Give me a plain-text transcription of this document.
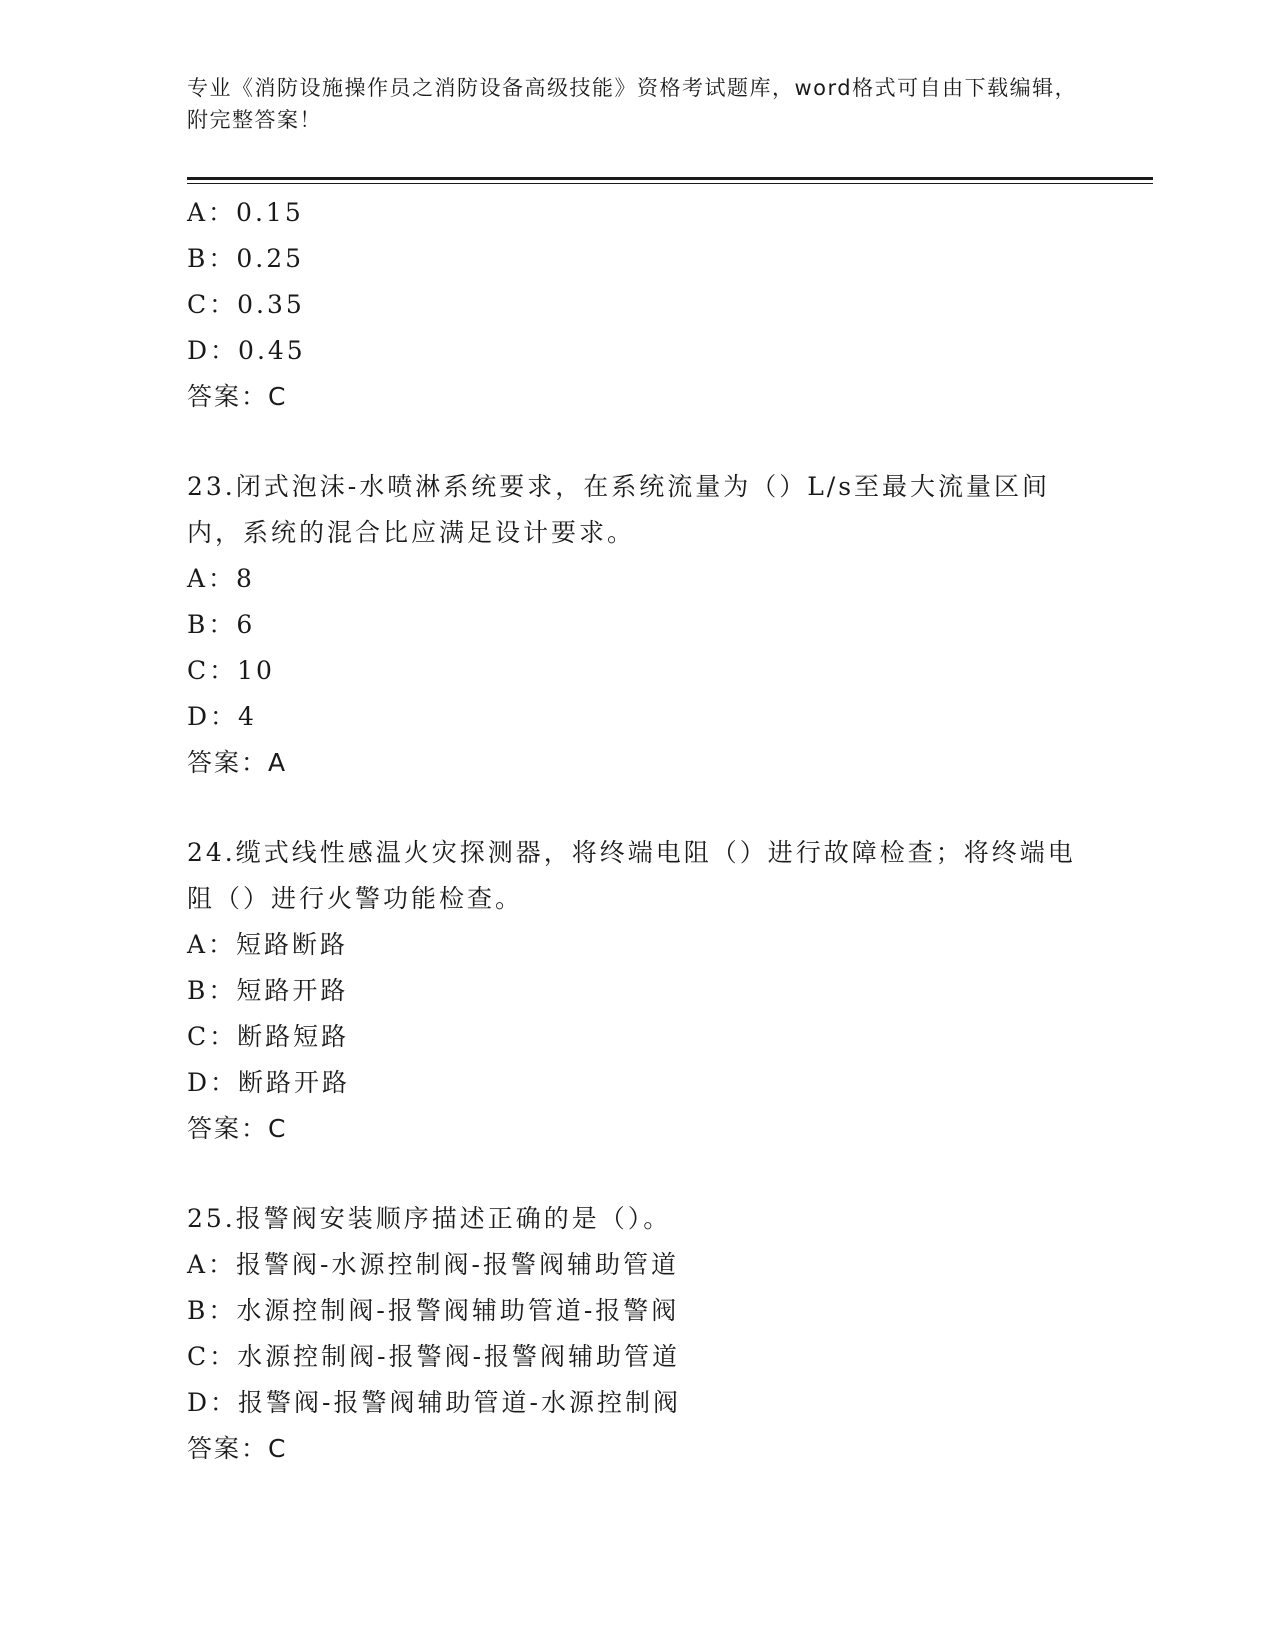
专业《消防设施操作员之消防设备高级技能》资格考试题库，word格式可自由下载编辑，附完整答案！
A：0.15
B：0.25
C：0.35
D：0.45
答案：C
23.闭式泡沫-水喷淋系统要求，在系统流量为（）L/s至最大流量区间内，系统的混合比应满足设计要求。
A：8
B：6
C：10
D：4
答案：A
24.缆式线性感温火灾探测器，将终端电阻（）进行故障检查；将终端电阻（）进行火警功能检查。
A：短路断路
B：短路开路
C：断路短路
D：断路开路
答案：C
25.报警阀安装顺序描述正确的是（）。
A：报警阀-水源控制阀-报警阀辅助管道
B：水源控制阀-报警阀辅助管道-报警阀
C：水源控制阀-报警阀-报警阀辅助管道
D：报警阀-报警阀辅助管道-水源控制阀
答案：C
